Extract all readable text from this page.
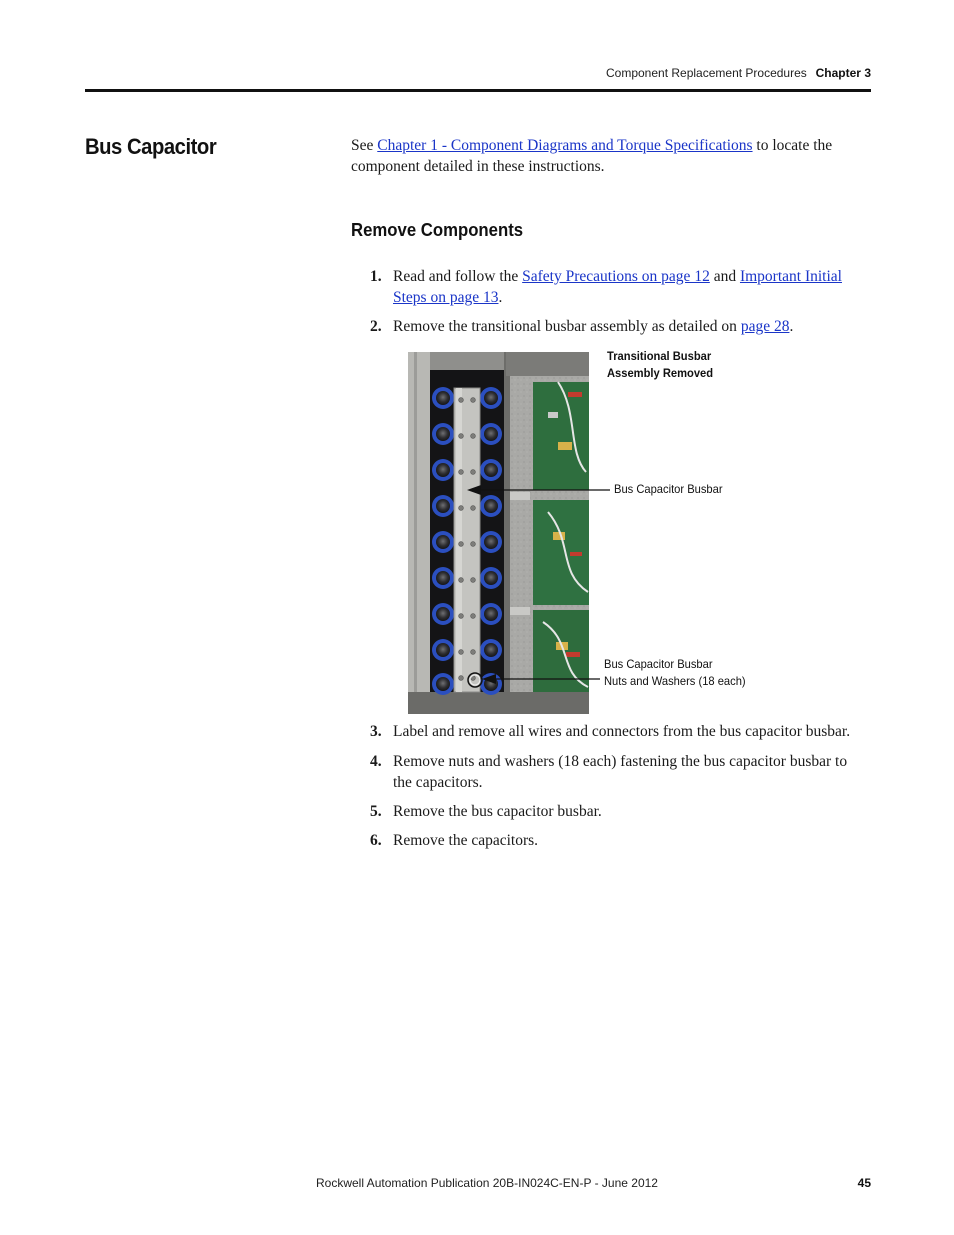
Component Replacement Procedures Chapter 3
Bus Capacitor	See Chapter 1 - Component Diagrams and Torque Specifications to locate the component detailed in these instructions.

Remove Components
1. Read and follow the Safety Precautions on page 12 and Important Initial Steps on page 13.
2. Remove the transitional busbar assembly as detailed on page 28.
Transitional Busbar
Assembly Removed
Bus Capacitor Busbar
Bus Capacitor Busbar
Nuts and Washers (18 each)
3. Label and remove all wires and connectors from the bus capacitor busbar.
4. Remove nuts and washers (18 each) fastening the bus capacitor busbar to the capacitors.
5. Remove the bus capacitor busbar.
6. Remove the capacitors.
Rockwell Automation Publication 20B-IN024C-EN-P - June 2012	45
